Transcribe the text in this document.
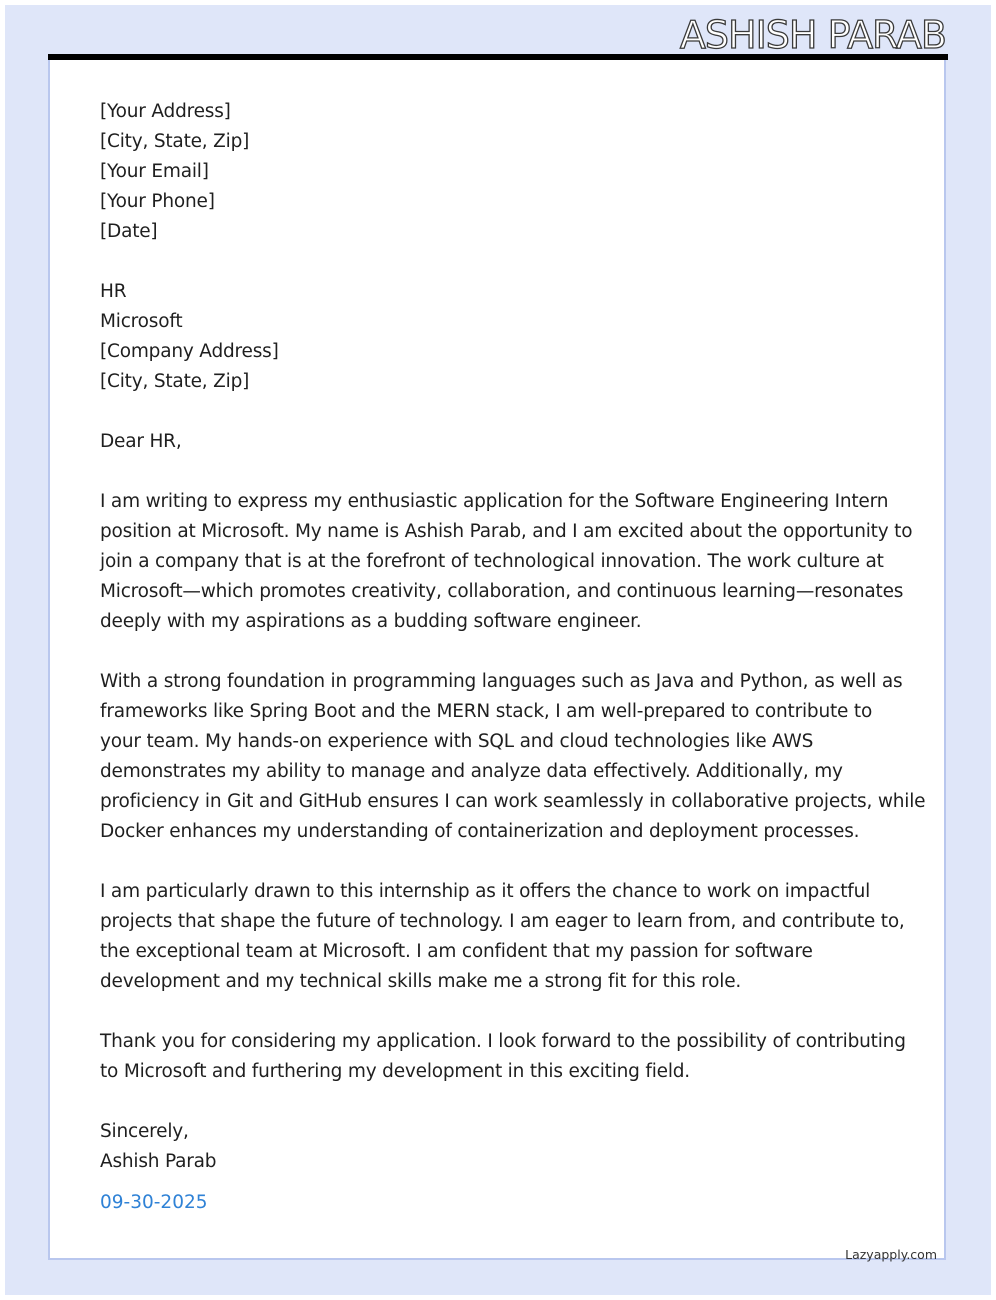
ASHISH PARAB
[Your Address]
[City, State, Zip]
[Your Email]
[Your Phone]
[Date]
HR
Microsoft
[Company Address]
[City, State, Zip]
Dear HR,
I am writing to express my enthusiastic application for the Software Engineering Intern
position at Microsoft. My name is Ashish Parab, and I am excited about the opportunity to
join a company that is at the forefront of technological innovation. The work culture at
Microsoft—which promotes creativity, collaboration, and continuous learning—resonates
deeply with my aspirations as a budding software engineer.
With a strong foundation in programming languages such as Java and Python, as well as
frameworks like Spring Boot and the MERN stack, I am well-prepared to contribute to
your team. My hands-on experience with SQL and cloud technologies like AWS
demonstrates my ability to manage and analyze data effectively. Additionally, my
proficiency in Git and GitHub ensures I can work seamlessly in collaborative projects, while
Docker enhances my understanding of containerization and deployment processes.
I am particularly drawn to this internship as it offers the chance to work on impactful
projects that shape the future of technology. I am eager to learn from, and contribute to,
the exceptional team at Microsoft. I am confident that my passion for software
development and my technical skills make me a strong fit for this role.
Thank you for considering my application. I look forward to the possibility of contributing
to Microsoft and furthering my development in this exciting field.
Sincerely,
Ashish Parab
09-30-2025
Lazyapply.com
